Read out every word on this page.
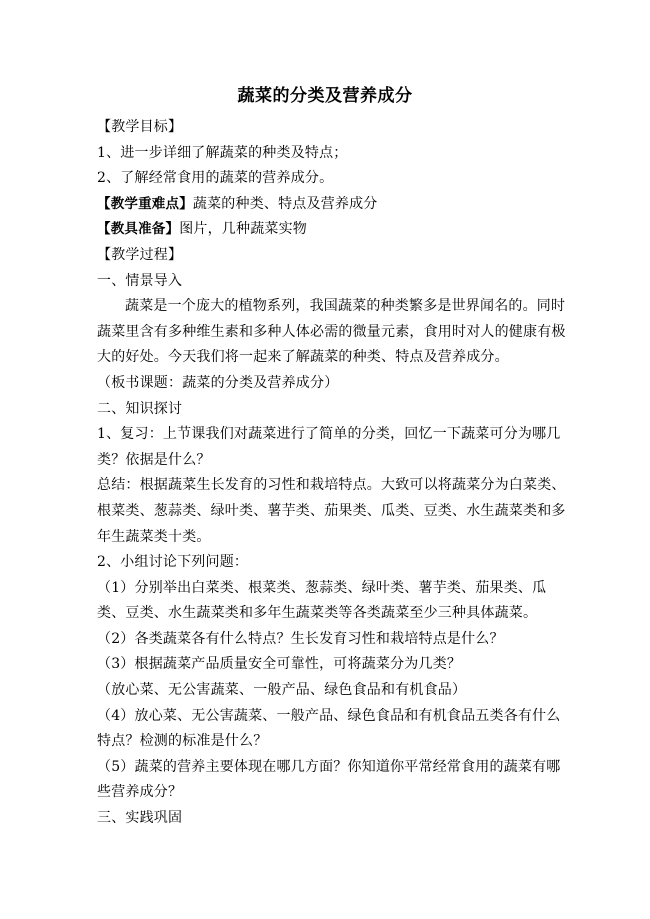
蔬菜的分类及营养成分
【教学目标】
1、进一步详细了解蔬菜的种类及特点；
2、了解经常食用的蔬菜的营养成分。
【教学重难点】蔬菜的种类、特点及营养成分
【教具准备】图片，几种蔬菜实物
【教学过程】
一、情景导入
蔬菜是一个庞大的植物系列，我国蔬菜的种类繁多是世界闻名的。同时蔬菜里含有多种维生素和多种人体必需的微量元素，食用时对人的健康有极大的好处。今天我们将一起来了解蔬菜的种类、特点及营养成分。
（板书课题：蔬菜的分类及营养成分）
二、知识探讨
1、复习：上节课我们对蔬菜进行了简单的分类，回忆一下蔬菜可分为哪几类？依据是什么？
总结：根据蔬菜生长发育的习性和栽培特点。大致可以将蔬菜分为白菜类、根菜类、葱蒜类、绿叶类、薯芋类、茄果类、瓜类、豆类、水生蔬菜类和多年生蔬菜类十类。
2、小组讨论下列问题：
（1）分别举出白菜类、根菜类、葱蒜类、绿叶类、薯芋类、茄果类、瓜类、豆类、水生蔬菜类和多年生蔬菜类等各类蔬菜至少三种具体蔬菜。
（2）各类蔬菜各有什么特点？生长发育习性和栽培特点是什么？
（3）根据蔬菜产品质量安全可靠性，可将蔬菜分为几类？
（放心菜、无公害蔬菜、一般产品、绿色食品和有机食品）
（4）放心菜、无公害蔬菜、一般产品、绿色食品和有机食品五类各有什么特点？检测的标准是什么？
（5）蔬菜的营养主要体现在哪几方面？你知道你平常经常食用的蔬菜有哪些营养成分？
三、实践巩固
